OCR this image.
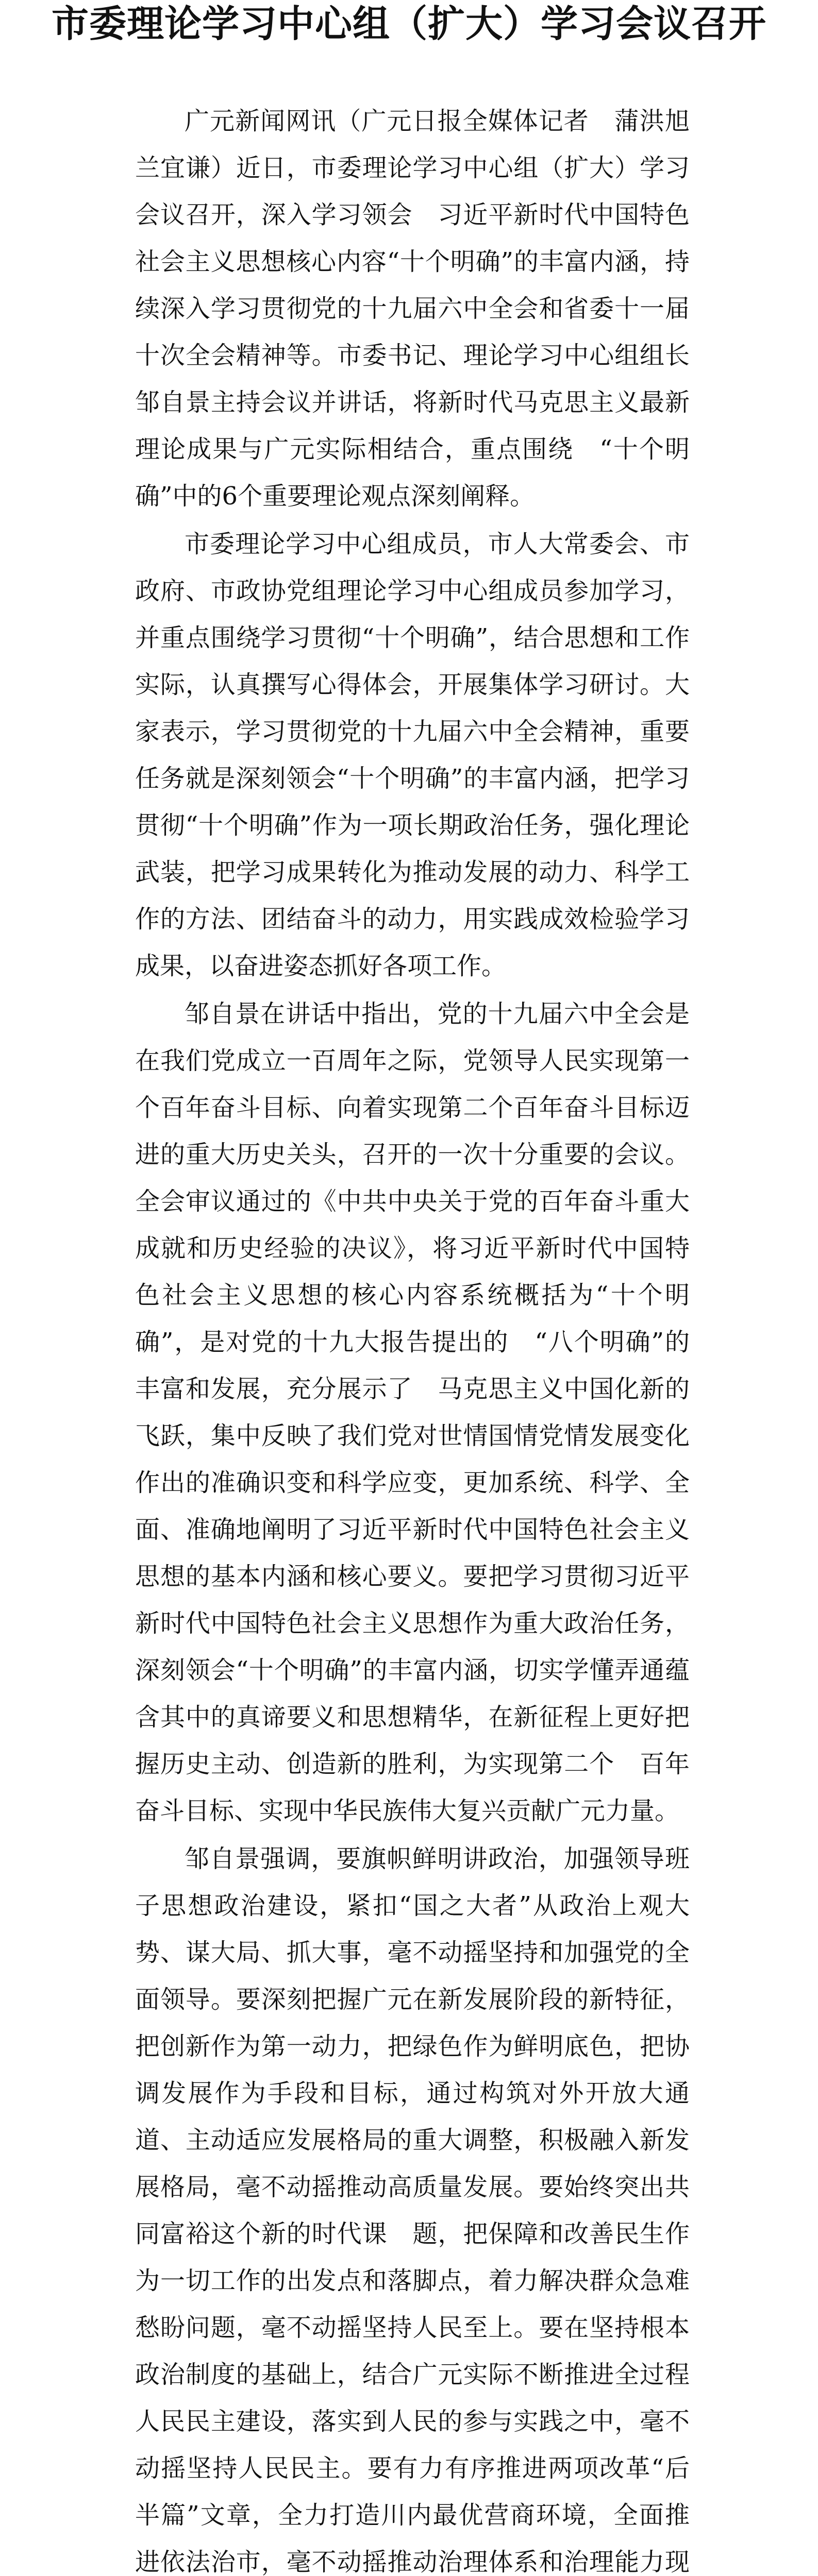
市委理论学习中心组（扩大）学习会议召开

广元新闻网讯（广元日报全媒体记者　蒲洪旭　兰宜谦）近日，市委理论学习中心组（扩大）学习会议召开，深入学习领会　习近平新时代中国特色社会主义思想核心内容“十个明确”的丰富内涵，持续深入学习贯彻党的十九届六中全会和省委十一届十次全会精神等。市委书记、理论学习中心组组长邹自景主持会议并讲话，将新时代马克思主义最新理论成果与广元实际相结合，重点围绕　“十个明确”中的6个重要理论观点深刻阐释。

市委理论学习中心组成员，市人大常委会、市政府、市政协党组理论学习中心组成员参加学习，并重点围绕学习贯彻“十个明确”，结合思想和工作实际，认真撰写心得体会，开展集体学习研讨。大家表示，学习贯彻党的十九届六中全会精神，重要任务就是深刻领会“十个明确”的丰富内涵，把学习贯彻“十个明确”作为一项长期政治任务，强化理论武装，把学习成果转化为推动发展的动力、科学工作的方法、团结奋斗的动力，用实践成效检验学习成果，以奋进姿态抓好各项工作。

邹自景在讲话中指出，党的十九届六中全会是在我们党成立一百周年之际，党领导人民实现第一个百年奋斗目标、向着实现第二个百年奋斗目标迈进的重大历史关头，召开的一次十分重要的会议。全会审议通过的《中共中央关于党的百年奋斗重大成就和历史经验的决议》，将习近平新时代中国特色社会主义思想的核心内容系统概括为“十个明确”，是对党的十九大报告提出的　“八个明确”的丰富和发展，充分展示了　马克思主义中国化新的飞跃，集中反映了我们党对世情国情党情发展变化作出的准确识变和科学应变，更加系统、科学、全面、准确地阐明了习近平新时代中国特色社会主义思想的基本内涵和核心要义。要把学习贯彻习近平新时代中国特色社会主义思想作为重大政治任务，深刻领会“十个明确”的丰富内涵，切实学懂弄通蕴含其中的真谛要义和思想精华，在新征程上更好把握历史主动、创造新的胜利，为实现第二个　百年奋斗目标、实现中华民族伟大复兴贡献广元力量。

邹自景强调，要旗帜鲜明讲政治，加强领导班子思想政治建设，紧扣“国之大者”从政治上观大势、谋大局、抓大事，毫不动摇坚持和加强党的全面领导。要深刻把握广元在新发展阶段的新特征，把创新作为第一动力，把绿色作为鲜明底色，把协调发展作为手段和目标，通过构筑对外开放大通道、主动适应发展格局的重大调整，积极融入新发展格局，毫不动摇推动高质量发展。要始终突出共同富裕这个新的时代课　题，把保障和改善民生作为一切工作的出发点和落脚点，着力解决群众急难愁盼问题，毫不动摇坚持人民至上。要在坚持根本政治制度的基础上，结合广元实际不断推进全过程人民民主建设，落实到人民的参与实践之中，毫不动摇坚持人民民主。要有力有序推进两项改革“后半篇”文章，全力打造川内最优营商环境，全面推进依法治市，毫不动摇推动治理体系和治理能力现
